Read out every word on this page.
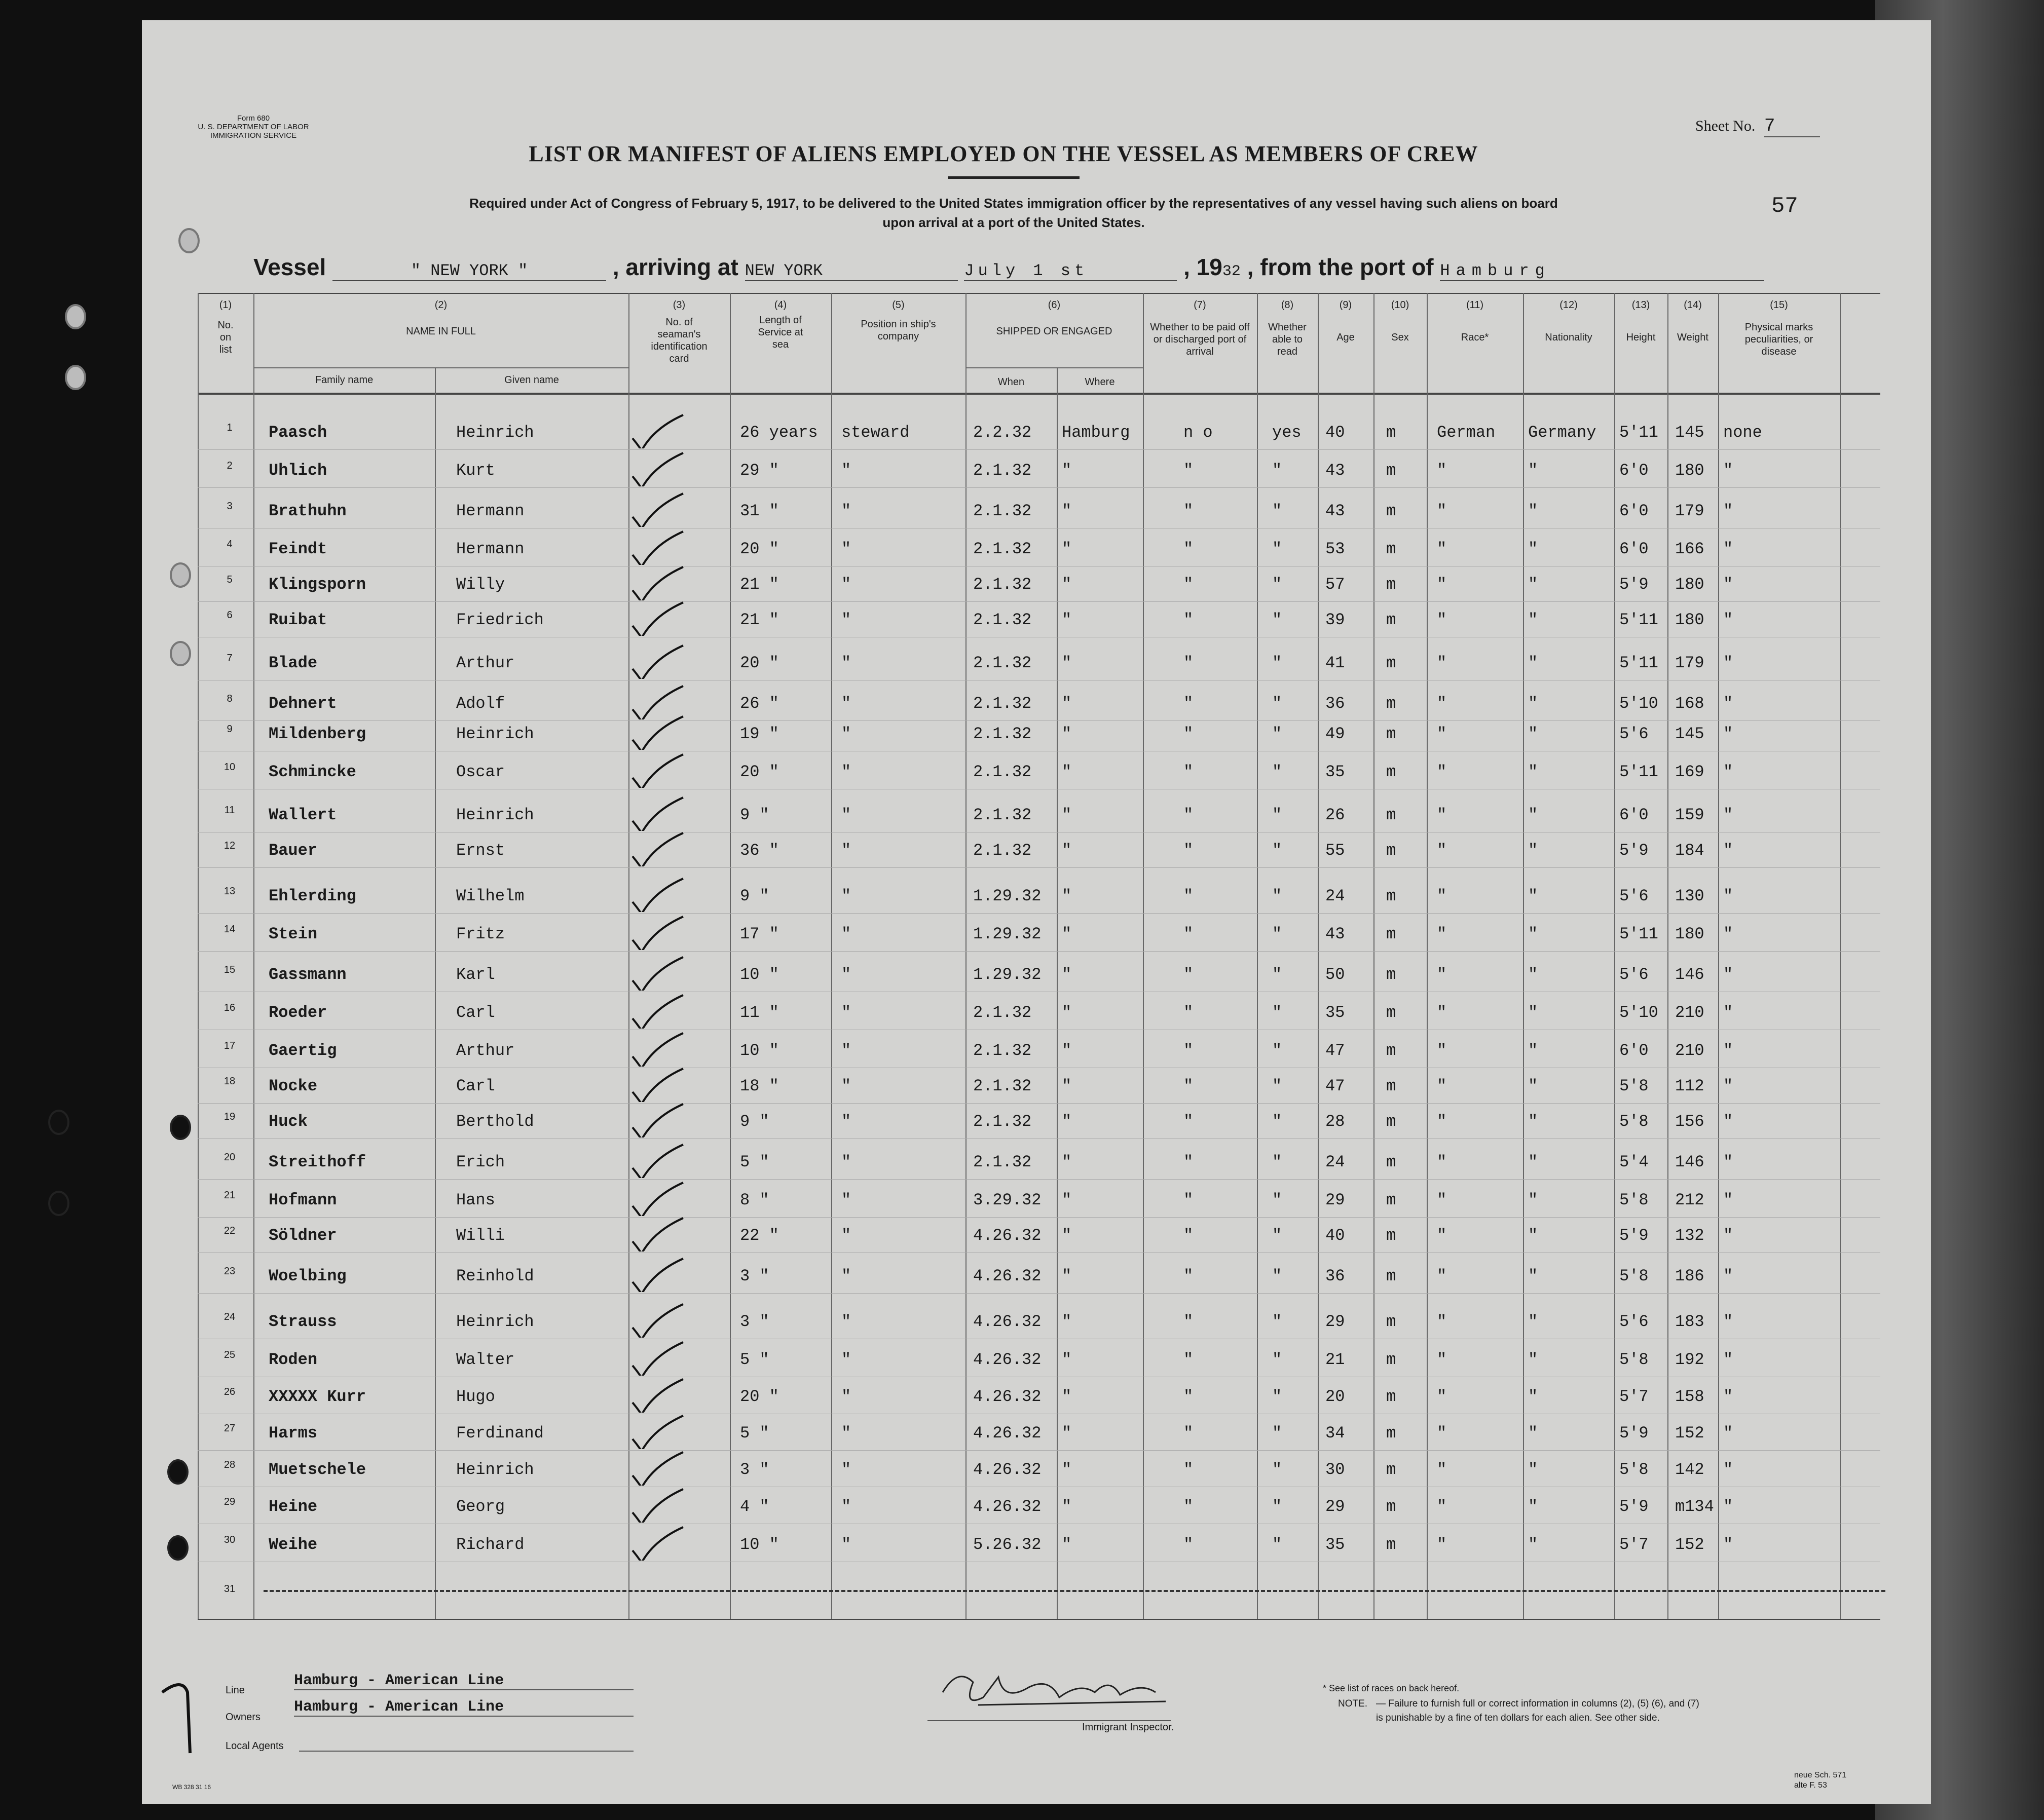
Form 680
U. S. DEPARTMENT OF LABOR
IMMIGRATION SERVICE
Sheet No. 7
LIST OR MANIFEST OF ALIENS EMPLOYED ON THE VESSEL AS MEMBERS OF CREW
Required under Act of Congress of February 5, 1917, to be delivered to the United States immigration officer by the representatives of any vessel having such aliens on board
upon arrival at a port of the United States.
57
Vessel	" NEW YORK "	, arriving at NEW YORK	July 1 st	, 1932 , from the port of Hamburg
(1)
No. on list
(2)
NAME IN FULL
Family name	Given name
(3)
No. of seaman's identification card
(4)
Length of Service at sea
(5)
Position in ship's company
(6)
SHIPPED OR ENGAGED
When	Where
(7)
Whether to be paid off or discharged port of arrival
(8)
Whether able to read
(9)
Age
(10)
Sex
(11)
Race*
(12)
Nationality
(13)
Height
(14)
Weight
(15)
Physical marks peculiarities, or disease
1	Paasch	Heinrich	26 years steward	2.2.32 Hamburg	n o	yes 40	m	German Germany 5'11 145 none
2	Uhlich	Kurt	29 "	"	2.1.32 "	"	"	43	m	"	"	6'0 180 "
3	Brathuhn	Hermann	31 "	"	2.1.32 "	"	"	43	m	"	"	6'0 179 "
4	Feindt	Hermann	20 "	"	2.1.32 "	"	"	53	m	"	"	6'0 166 "
5	Klingsporn	Willy	21 "	"	2.1.32 "	"	"	57	m	"	"	5'9 180 "
6	Ruibat	Friedrich	21 "	"	2.1.32 "	"	"	39	m	"	"	5'11 180 "
7	Blade	Arthur	20 "	"	2.1.32 "	"	"	41	m	"	"	5'11 179 "
8	Dehnert	Adolf	26 "	"	2.1.32 "	"	"	36	m	"	"	5'10 168 "
9	Mildenberg	Heinrich	19 "	"	2.1.32 "	"	"	49	m	"	"	5'6 145 "
10 Schmincke	Oscar	20 "	"	2.1.32 "	"	"	35	m	"	"	5'11 169 "
11	Wallert	Heinrich	9 "	"	2.1.32 "	"	"	26	m	"	"	6'0 159 "
12 Bauer	Ernst	36 "	"	2.1.32 "	"	"	55	m	"	"	5'9 184 "
13 Ehlerding	Wilhelm	9 "	"	1.29.32 "	"	"	24	m	"	"	5'6 130 "
14 Stein	Fritz	17 "	"	1.29.32 "	"	"	43	m	"	"	5'11 180 "
15 Gassmann	Karl	10 "	"	1.29.32 "	"	"	50	m	"	"	5'6 146 "
16 Roeder	Carl	11 "	"	2.1.32 "	"	"	35	m	"	"	5'10 210 "
17 Gaertig	Arthur	10 "	"	2.1.32 "	"	"	47	m	"	"	6'0 210 "
18 Nocke	Carl	18 "	"	2.1.32 "	"	"	47	m	"	"	5'8 112 "
19 Huck	Berthold	9 "	"	2.1.32 "	"	"	28	m	"	"	5'8 156 "
20 Streithoff	Erich	5 "	"	2.1.32 "	"	"	24	m	"	"	5'4 146 "
21 Hofmann	Hans	8 "	"	3.29.32 "	"	"	29	m	"	"	5'8 212 "
22 Söldner	Willi	22 "	"	4.26.32 "	"	"	40	m	"	"	5'9 132 "
23 Woelbing	Reinhold	3 "	"	4.26.32 "	"	"	36	m	"	"	5'8 186 "
24 Strauss	Heinrich	3 "	"	4.26.32 "	"	"	29	m	"	"	5'6 183 "
25 Roden	Walter	5 "	"	4.26.32 "	"	"	21	m	"	"	5'8 192 "
26 XXXXX Kurr	Hugo	20 "	"	4.26.32 "	"	"	20	m	"	"	5'7 158 "
27 Harms	Ferdinand	5 "	"	4.26.32 "	"	"	34	m	"	"	5'9 152 "
28 Muetschele	Heinrich	3 "	"	4.26.32 "	"	"	30	m	"	"	5'8 142 "
29 Heine	Georg	4 "	"	4.26.32 "	"	"	29	m	"	"	5'9 m134 "
30 Weihe	Richard	10 "	"	5.26.32 "	"	"	35	m	"	"	5'7 152 "
31
Line
Hamburg - American Line
Owners
Hamburg - American Line
Local Agents
Immigrant Inspector.
* See list of races on back hereof.
NOTE. — Failure to furnish full or correct information in columns (2), (5) (6), and (7)
is punishable by a fine of ten dollars for each alien. See other side.
neue Sch. 571
alte F. 53
WB 328 31 16
